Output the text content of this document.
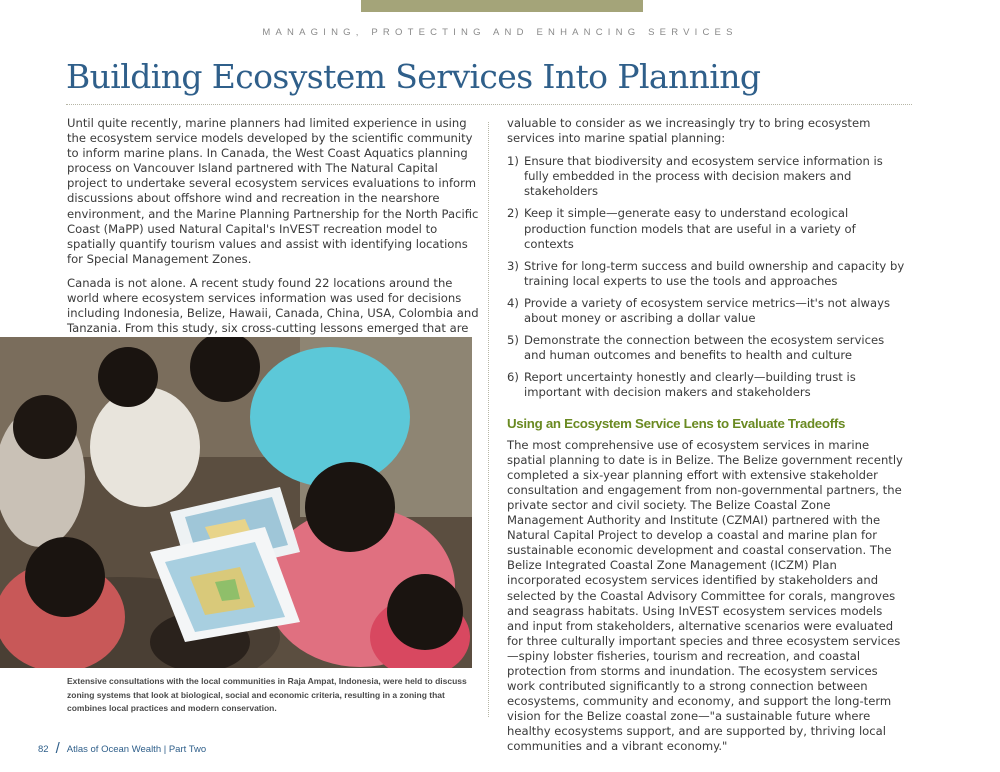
MANAGING, PROTECTING AND ENHANCING SERVICES
Building Ecosystem Services Into Planning

Until quite recently, marine planners had limited experience in using the ecosystem service models developed by the scientific community to inform marine plans. In Canada, the West Coast Aquatics planning process on Vancouver Island partnered with The Natural Capital project to undertake several ecosystem services evaluations to inform discussions about offshore wind and recreation in the nearshore environment, and the Marine Planning Partnership for the North Pacific Coast (MaPP) used Natural Capital's InVEST recreation model to spatially quantify tourism values and assist with identifying locations for Special Management Zones.

Canada is not alone. A recent study found 22 locations around the world where ecosystem services information was used for decisions including Indonesia, Belize, Hawaii, Canada, China, USA, Colombia and Tanzania. From this study, six cross-cutting lessons emerged that are

Extensive consultations with the local communities in Raja Ampat, Indonesia, were held to discuss zoning systems that look at biological, social and economic criteria, resulting in a zoning that combines local practices and modern conservation.

valuable to consider as we increasingly try to bring ecosystem services into marine spatial planning:

1) Ensure that biodiversity and ecosystem service information is fully embedded in the process with decision makers and stakeholders
2) Keep it simple—generate easy to understand ecological production function models that are useful in a variety of contexts
3) Strive for long-term success and build ownership and capacity by training local experts to use the tools and approaches
4) Provide a variety of ecosystem service metrics—it's not always about money or ascribing a dollar value
5) Demonstrate the connection between the ecosystem services and human outcomes and benefits to health and culture
6) Report uncertainty honestly and clearly—building trust is important with decision makers and stakeholders
Using an Ecosystem Service Lens to Evaluate Tradeoffs

The most comprehensive use of ecosystem services in marine spatial planning to date is in Belize. The Belize government recently completed a six-year planning effort with extensive stakeholder consultation and engagement from non-governmental partners, the private sector and civil society. The Belize Coastal Zone Management Authority and Institute (CZMAI) partnered with the Natural Capital Project to develop a coastal and marine plan for sustainable economic development and coastal conservation. The Belize Integrated Coastal Zone Management (ICZM) Plan incorporated ecosystem services identified by stakeholders and selected by the Coastal Advisory Committee for corals, mangroves and seagrass habitats. Using InVEST ecosystem services models and input from stakeholders, alternative scenarios were evaluated for three culturally important species and three ecosystem services—spiny lobster fisheries, tourism and recreation, and coastal protection from storms and inundation. The ecosystem services work contributed significantly to a strong connection between ecosystems, community and economy, and support the long-term vision for the Belize coastal zone—"a sustainable future where healthy ecosystems support, and are supported by, thriving local communities and a vibrant economy."

82 / Atlas of Ocean Wealth | Part Two
